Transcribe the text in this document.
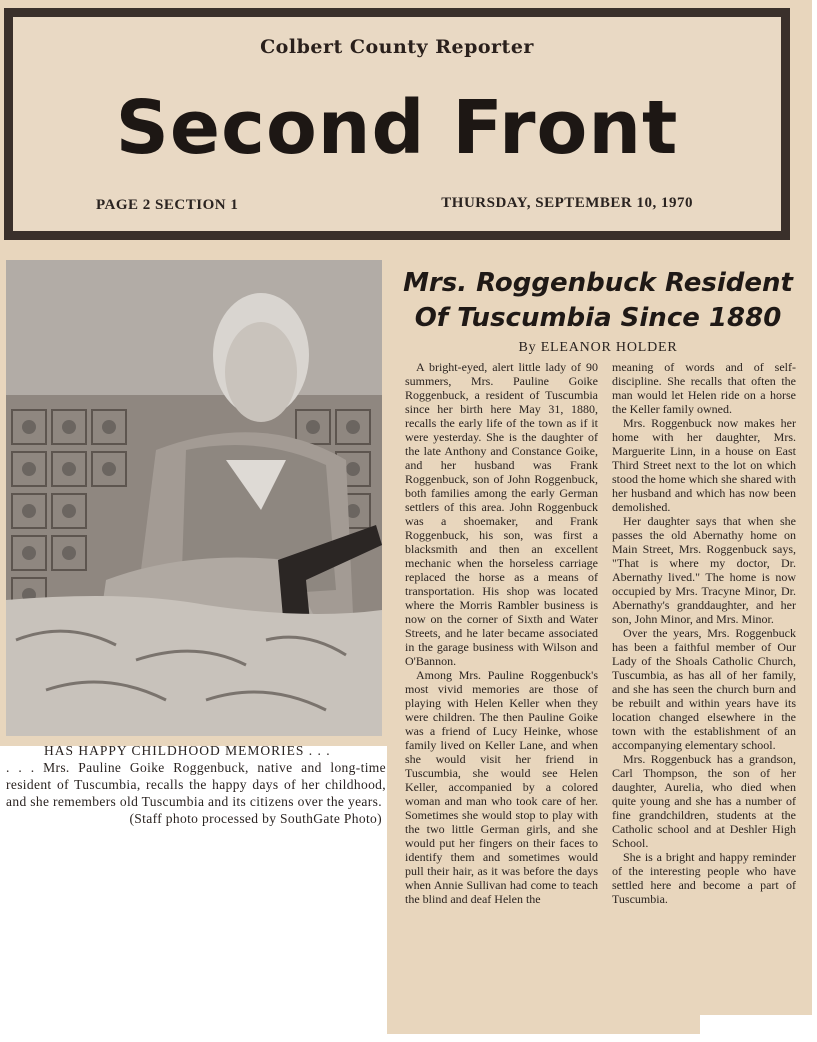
Colbert County Reporter
Second Front
PAGE 2 SECTION 1	THURSDAY, SEPTEMBER 10, 1970
HAS HAPPY CHILDHOOD MEMORIES . . .
. . . Mrs. Pauline Goike Roggenbuck, native and long-time resident of Tuscumbia, recalls the happy days of her childhood, and she remembers old Tuscumbia and its citizens over the years.
(Staff photo processed by SouthGate Photo)
Mrs. Roggenbuck Resident
Of Tuscumbia Since 1880
By ELEANOR HOLDER

A bright-eyed, alert little lady of 90 summers, Mrs. Pauline Goike Roggenbuck, a resident of Tuscumbia since her birth here May 31, 1880, recalls the early life of the town as if it were yesterday. She is the daughter of the late Anthony and Constance Goike, and her husband was Frank Roggenbuck, son of John Roggenbuck, both families among the early German settlers of this area. John Roggenbuck was a shoemaker, and Frank Roggenbuck, his son, was first a blacksmith and then an excellent mechanic when the horseless carriage replaced the horse as a means of transportation. His shop was located where the Morris Rambler business is now on the corner of Sixth and Water Streets, and he later became associated in the garage business with Wilson and O'Bannon.

Among Mrs. Pauline Roggenbuck's most vivid memories are those of playing with Helen Keller when they were children. The then Pauline Goike was a friend of Lucy Heinke, whose family lived on Keller Lane, and when she would visit her friend in Tuscumbia, she would see Helen Keller, accompanied by a colored woman and man who took care of her. Sometimes she would stop to play with the two little German girls, and she would put her fingers on their faces to identify them and sometimes would pull their hair, as it was before the days when Annie Sullivan had come to teach the blind and deaf Helen the

meaning of words and of self-discipline. She recalls that often the man would let Helen ride on a horse the Keller family owned.

Mrs. Roggenbuck now makes her home with her daughter, Mrs. Marguerite Linn, in a house on East Third Street next to the lot on which stood the home which she shared with her husband and which has now been demolished.

Her daughter says that when she passes the old Abernathy home on Main Street, Mrs. Roggenbuck says, "That is where my doctor, Dr. Abernathy lived." The home is now occupied by Mrs. Tracyne Minor, Dr. Abernathy's granddaughter, and her son, John Minor, and Mrs. Minor.

Over the years, Mrs. Roggenbuck has been a faithful member of Our Lady of the Shoals Catholic Church, Tuscumbia, as has all of her family, and she has seen the church burn and be rebuilt and within years have its location changed elsewhere in the town with the establishment of an accompanying elementary school.

Mrs. Roggenbuck has a grandson, Carl Thompson, the son of her daughter, Aurelia, who died when quite young and she has a number of fine grandchildren, students at the Catholic school and at Deshler High School.

She is a bright and happy reminder of the interesting people who have settled here and become a part of Tuscumbia.
